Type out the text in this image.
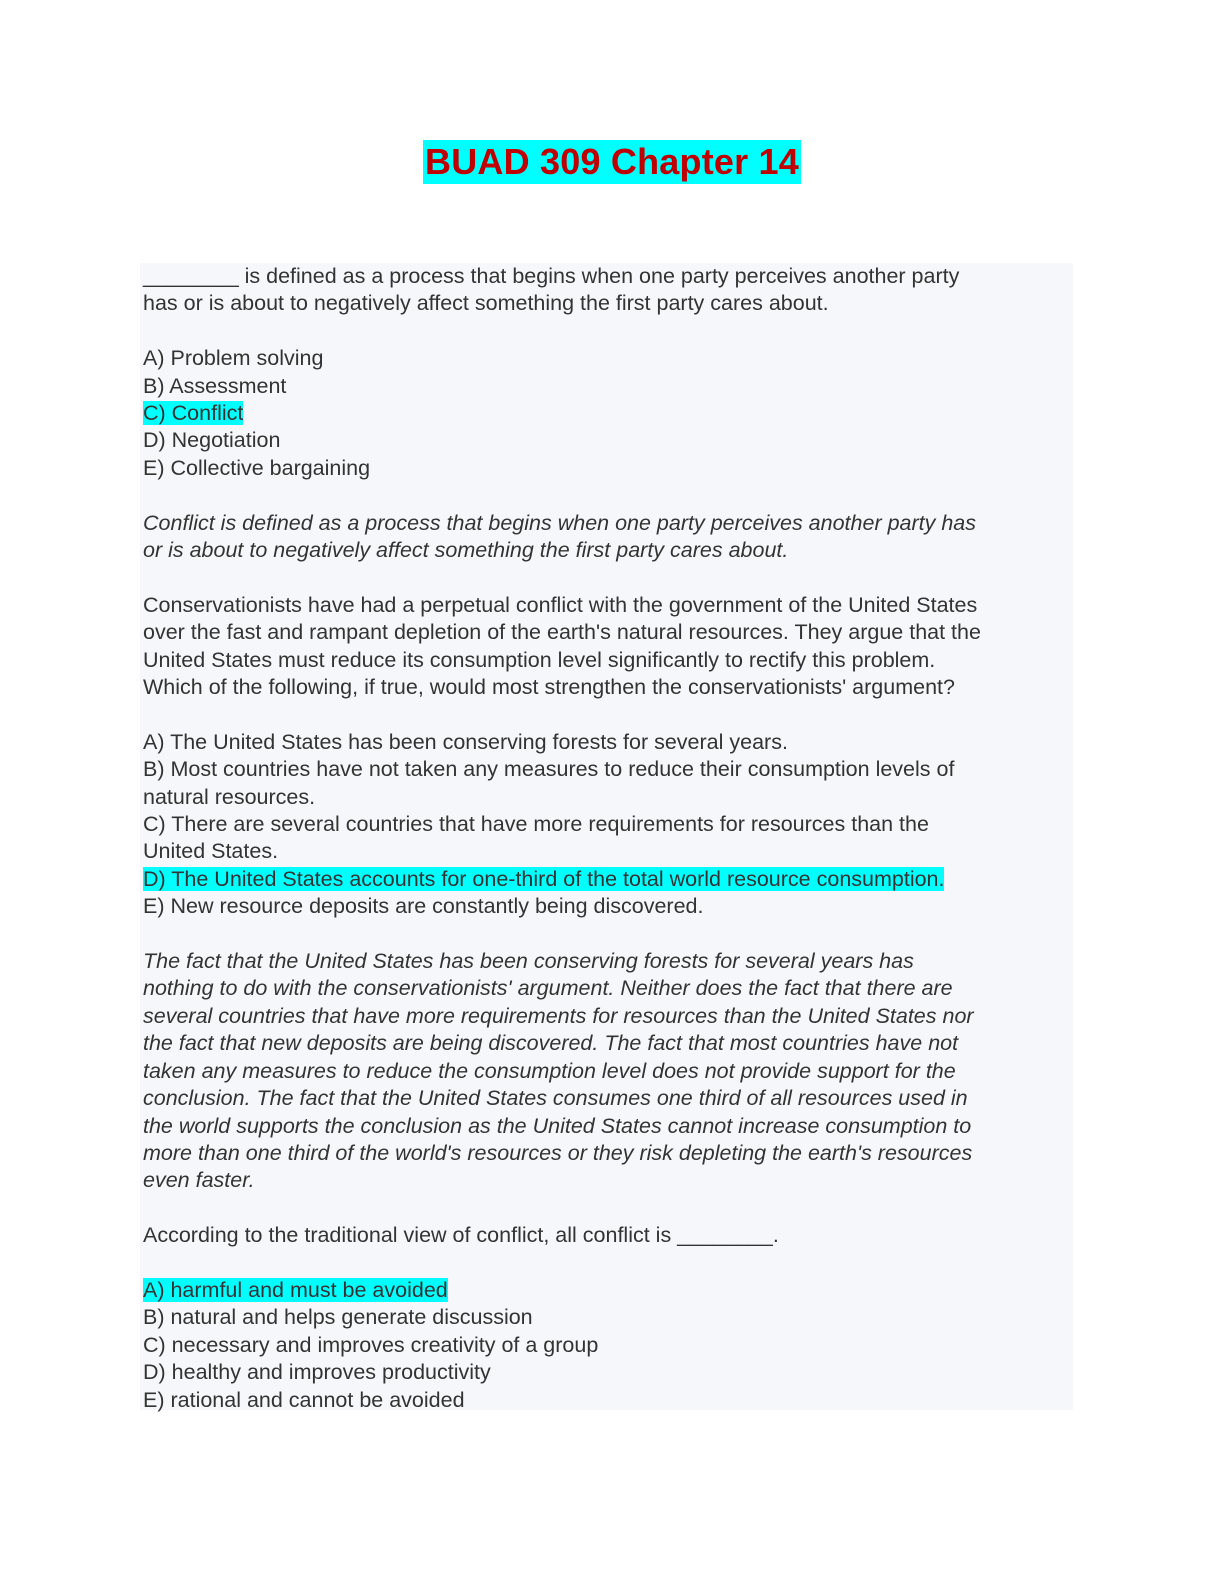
BUAD 309 Chapter 14
________ is defined as a process that begins when one party perceives another party
has or is about to negatively affect something the first party cares about.
A) Problem solving
B) Assessment
C) Conflict
D) Negotiation
E) Collective bargaining
Conflict is defined as a process that begins when one party perceives another party has
or is about to negatively affect something the first party cares about.
Conservationists have had a perpetual conflict with the government of the United States
over the fast and rampant depletion of the earth's natural resources. They argue that the
United States must reduce its consumption level significantly to rectify this problem.
Which of the following, if true, would most strengthen the conservationists' argument?
A) The United States has been conserving forests for several years.
B) Most countries have not taken any measures to reduce their consumption levels of
natural resources.
C) There are several countries that have more requirements for resources than the
United States.
D) The United States accounts for one-third of the total world resource consumption.
E) New resource deposits are constantly being discovered.
The fact that the United States has been conserving forests for several years has
nothing to do with the conservationists' argument. Neither does the fact that there are
several countries that have more requirements for resources than the United States nor
the fact that new deposits are being discovered. The fact that most countries have not
taken any measures to reduce the consumption level does not provide support for the
conclusion. The fact that the United States consumes one third of all resources used in
the world supports the conclusion as the United States cannot increase consumption to
more than one third of the world's resources or they risk depleting the earth's resources
even faster.
According to the traditional view of conflict, all conflict is ________.
A) harmful and must be avoided
B) natural and helps generate discussion
C) necessary and improves creativity of a group
D) healthy and improves productivity
E) rational and cannot be avoided
